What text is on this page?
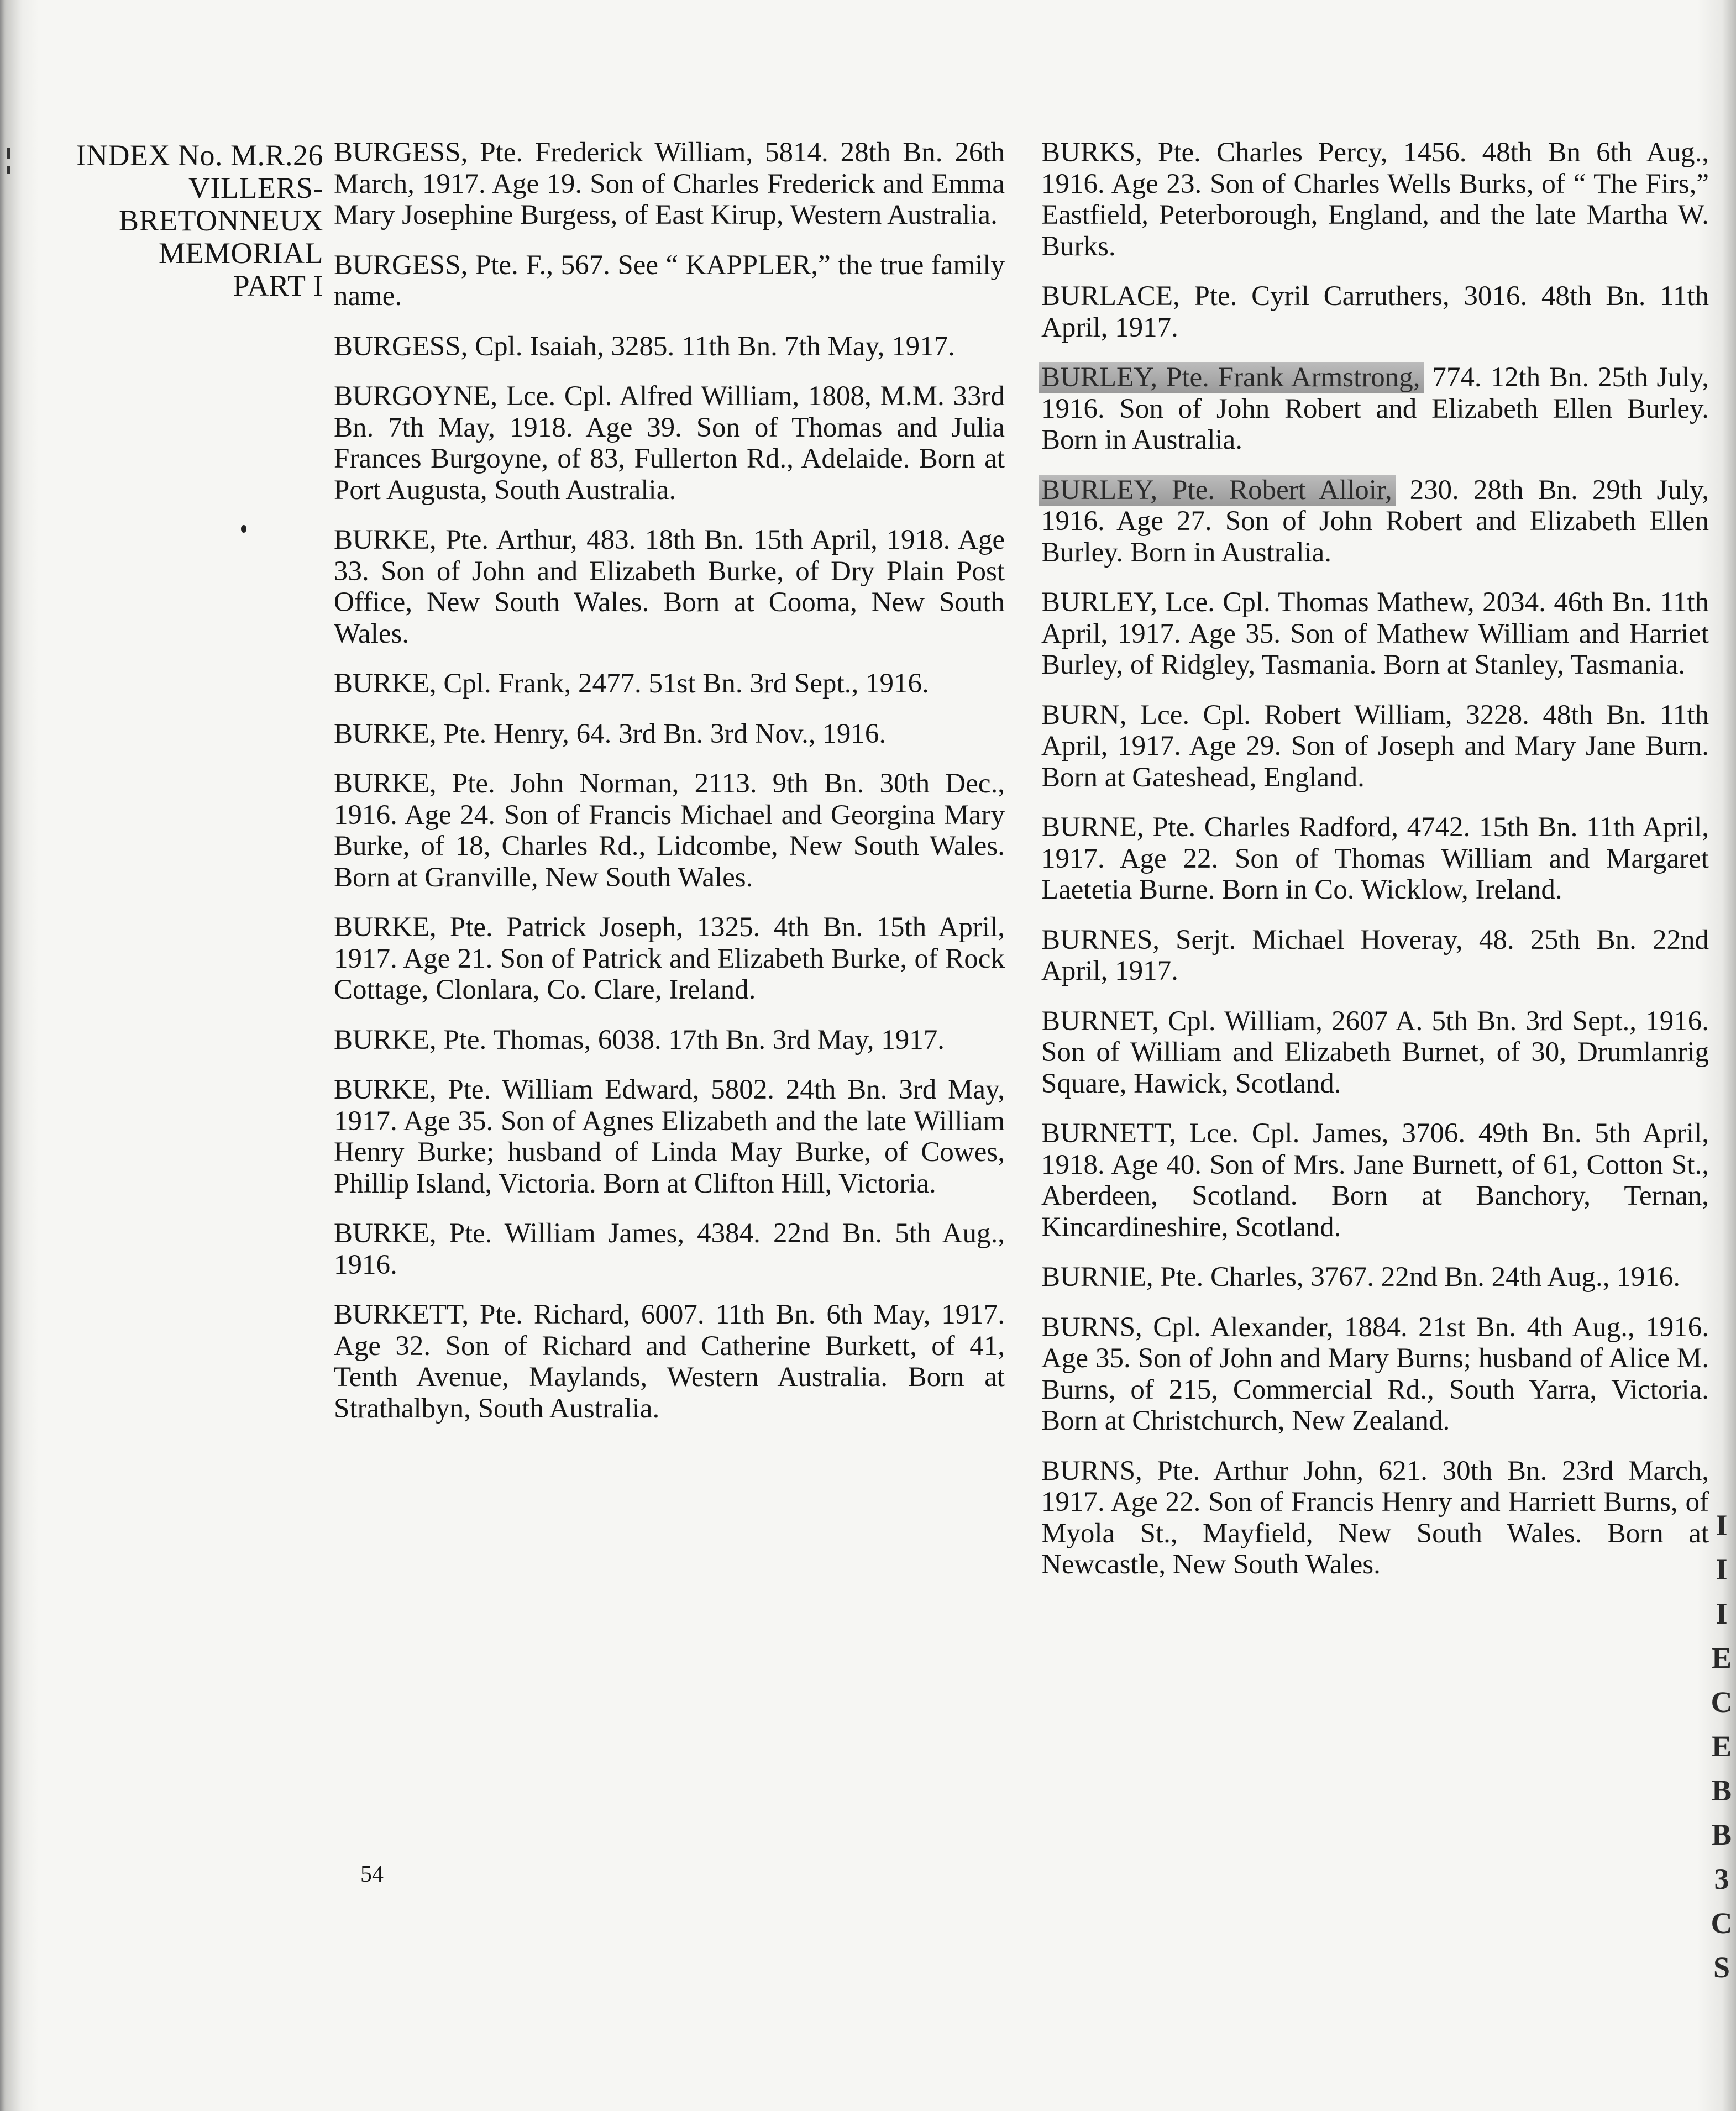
I
I
I
E
C
E
B
B
3
C
S
INDEX No. M.R.26
VILLERS-
BRETONNEUX
MEMORIAL
PART I

BURGESS, Pte. Frederick William, 5814. 28th Bn. 26th March, 1917. Age 19. Son of Charles Frederick and Emma Mary Josephine Burgess, of East Kirup, Western Australia.

BURGESS, Pte. F., 567. See “ KAPPLER,” the true family name.

BURGESS, Cpl. Isaiah, 3285. 11th Bn. 7th May, 1917.

BURGOYNE, Lce. Cpl. Alfred William, 1808, M.M. 33rd Bn. 7th May, 1918. Age 39. Son of Thomas and Julia Frances Burgoyne, of 83, Fullerton Rd., Adelaide. Born at Port Augusta, South Australia.

BURKE, Pte. Arthur, 483. 18th Bn. 15th April, 1918. Age 33. Son of John and Elizabeth Burke, of Dry Plain Post Office, New South Wales. Born at Cooma, New South Wales.

BURKE, Cpl. Frank, 2477. 51st Bn. 3rd Sept., 1916.

BURKE, Pte. Henry, 64. 3rd Bn. 3rd Nov., 1916.

BURKE, Pte. John Norman, 2113. 9th Bn. 30th Dec., 1916. Age 24. Son of Francis Michael and Georgina Mary Burke, of 18, Charles Rd., Lidcombe, New South Wales. Born at Granville, New South Wales.

BURKE, Pte. Patrick Joseph, 1325. 4th Bn. 15th April, 1917. Age 21. Son of Patrick and Elizabeth Burke, of Rock Cottage, Clonlara, Co. Clare, Ireland.

BURKE, Pte. Thomas, 6038. 17th Bn. 3rd May, 1917.

BURKE, Pte. William Edward, 5802. 24th Bn. 3rd May, 1917. Age 35. Son of Agnes Elizabeth and the late William Henry Burke; husband of Linda May Burke, of Cowes, Phillip Island, Victoria. Born at Clifton Hill, Victoria.

BURKE, Pte. William James, 4384. 22nd Bn. 5th Aug., 1916.

BURKETT, Pte. Richard, 6007. 11th Bn. 6th May, 1917. Age 32. Son of Richard and Catherine Burkett, of 41, Tenth Avenue, Maylands, Western Australia. Born at Strathalbyn, South Australia.

BURKS, Pte. Charles Percy, 1456. 48th Bn 6th Aug., 1916. Age 23. Son of Charles Wells Burks, of “ The Firs,” Eastfield, Peterborough, England, and the late Martha W. Burks.

BURLACE, Pte. Cyril Carruthers, 3016. 48th Bn. 11th April, 1917.

BURLEY, Pte. Frank Armstrong, 774. 12th Bn. 25th July, 1916. Son of John Robert and Elizabeth Ellen Burley. Born in Australia.

BURLEY, Pte. Robert Alloir, 230. 28th Bn. 29th July, 1916. Age 27. Son of John Robert and Elizabeth Ellen Burley. Born in Australia.

BURLEY, Lce. Cpl. Thomas Mathew, 2034. 46th Bn. 11th April, 1917. Age 35. Son of Mathew William and Harriet Burley, of Ridgley, Tasmania. Born at Stanley, Tasmania.

BURN, Lce. Cpl. Robert William, 3228. 48th Bn. 11th April, 1917. Age 29. Son of Joseph and Mary Jane Burn. Born at Gateshead, England.

BURNE, Pte. Charles Radford, 4742. 15th Bn. 11th April, 1917. Age 22. Son of Thomas William and Margaret Laetetia Burne. Born in Co. Wicklow, Ireland.

BURNES, Serjt. Michael Hoveray, 48. 25th Bn. 22nd April, 1917.

BURNET, Cpl. William, 2607 A. 5th Bn. 3rd Sept., 1916. Son of William and Elizabeth Burnet, of 30, Drumlanrig Square, Hawick, Scotland.

BURNETT, Lce. Cpl. James, 3706. 49th Bn. 5th April, 1918. Age 40. Son of Mrs. Jane Burnett, of 61, Cotton St., Aberdeen, Scotland. Born at Banchory, Ternan, Kincardineshire, Scotland.

BURNIE, Pte. Charles, 3767. 22nd Bn. 24th Aug., 1916.

BURNS, Cpl. Alexander, 1884. 21st Bn. 4th Aug., 1916. Age 35. Son of John and Mary Burns; husband of Alice M. Burns, of 215, Commercial Rd., South Yarra, Victoria. Born at Christchurch, New Zealand.

BURNS, Pte. Arthur John, 621. 30th Bn. 23rd March, 1917. Age 22. Son of Francis Henry and Harriett Burns, of Myola St., Mayfield, New South Wales. Born at Newcastle, New South Wales.

54
